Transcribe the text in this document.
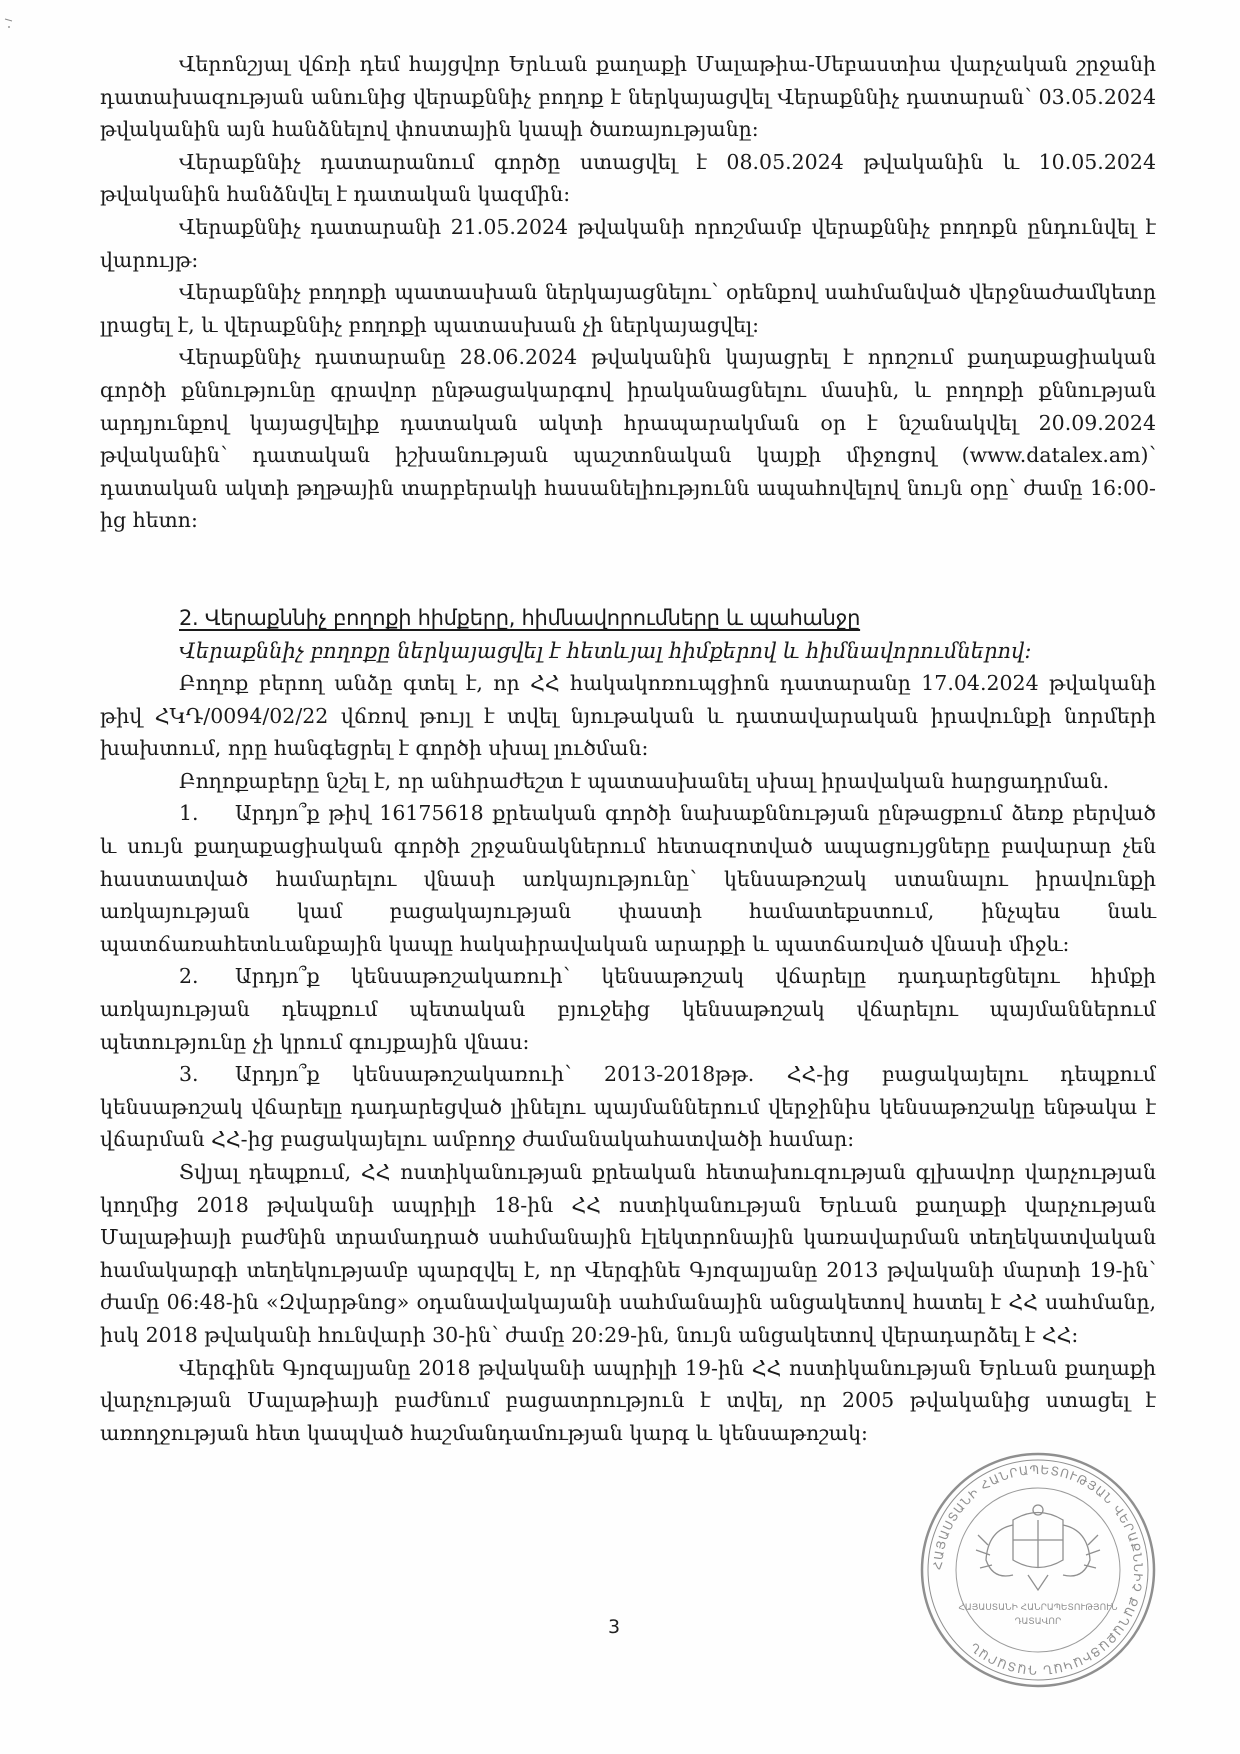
Վերոնշյալ վճռի դեմ հայցվոր Երևան քաղաքի Մալաթիա-Սեբաստիա վարչական շրջանի դատախազության անունից վերաքննիչ բողոք է ներկայացվել Վերաքննիչ դատարան՝ 03.05.2024 թվականին այն հանձնելով փոստային կապի ծառայությանը:

Վերաքննիչ դատարանում գործը ստացվել է 08.05.2024 թվականին և 10.05.2024 թվականին հանձնվել է դատական կազմին:

Վերաքննիչ դատարանի 21.05.2024 թվականի որոշմամբ վերաքննիչ բողոքն ընդունվել է վարույթ:

Վերաքննիչ բողոքի պատասխան ներկայացնելու՝ օրենքով սահմանված վերջնաժամկետը լրացել է, և վերաքննիչ բողոքի պատասխան չի ներկայացվել:

Վերաքննիչ դատարանը 28.06.2024 թվականին կայացրել է որոշում քաղաքացիական գործի քննությունը գրավոր ընթացակարգով իրականացնելու մասին, և բողոքի քննության արդյունքով կայացվելիք դատական ակտի հրապարակման օր է նշանակվել 20.09.2024 թվականին՝ դատական իշխանության պաշտոնական կայքի միջոցով (www.datalex.am)՝ դատական ակտի թղթային տարբերակի հասանելիությունն ապահովելով նույն օրը՝ ժամը 16:00-ից հետո:

2. Վերաքննիչ բողոքի հիմքերը, հիմնավորումները և պահանջը

Վերաքննիչ բողոքը ներկայացվել է հետևյալ հիմքերով և հիմնավորումներով:

Բողոք բերող անձը գտել է, որ ՀՀ հակակոռուպցիոն դատարանը 17.04.2024 թվականի թիվ ՀԿԴ/0094/02/22 վճռով թույլ է տվել նյութական և դատավարական իրավունքի նորմերի խախտում, որը հանգեցրել է գործի սխալ լուծման:

Բողոքաբերը նշել է, որ անհրաժեշտ է պատասխանել սխալ իրավական հարցադրման.

1. Արդյո՞ք թիվ 16175618 քրեական գործի նախաքննության ընթացքում ձեռք բերված և սույն քաղաքացիական գործի շրջանակներում հետազոտված ապացույցները բավարար չեն հաստատված համարելու վնասի առկայությունը՝ կենսաթոշակ ստանալու իրավունքի առկայության կամ բացակայության փաստի համատեքստում, ինչպես նաև պատճառահետևանքային կապը հակաիրավական արարքի և պատճառված վնասի միջև:

2. Արդյո՞ք կենսաթոշակառուի՝ կենսաթոշակ վճարելը դադարեցնելու հիմքի առկայության դեպքում պետական բյուջեից կենսաթոշակ վճարելու պայմաններում պետությունը չի կրում գույքային վնաս:

3. Արդյո՞ք կենսաթոշակառուի՝ 2013-2018թթ. ՀՀ-ից բացակայելու դեպքում կենսաթոշակ վճարելը դադարեցված լինելու պայմաններում վերջինիս կենսաթոշակը ենթակա է վճարման ՀՀ-ից բացակայելու ամբողջ ժամանակահատվածի համար:

Տվյալ դեպքում, ՀՀ ոստիկանության քրեական հետախուզության գլխավոր վարչության կողմից 2018 թվականի ապրիլի 18-ին ՀՀ ոստիկանության Երևան քաղաքի վարչության Մալաթիայի բաժնին տրամադրած սահմանային էլեկտրոնային կառավարման տեղեկատվական համակարգի տեղեկությամբ պարզվել է, որ Վերգինե Գյոզալյանը 2013 թվականի մարտի 19-ին՝ ժամը 06:48-ին «Զվարթնոց» օդանավակայանի սահմանային անցակետով հատել է ՀՀ սահմանը, իսկ 2018 թվականի հունվարի 30-ին՝ ժամը 20:29-ին, նույն անցակետով վերադարձել է ՀՀ:

Վերգինե Գյոզալյանը 2018 թվականի ապրիլի 19-ին ՀՀ ոստիկանության Երևան քաղաքի վարչության Մալաթիայի բաժնում բացատրություն է տվել, որ 2005 թվականից ստացել է առողջության հետ կապված հաշմանդամության կարգ և կենսաթոշակ:

ՀԱՅԱՍՏԱՆԻ ՀԱՆՐԱՊԵՏՈՒԹՅԱՆ ՎԵՐԱՔՆՆԻՉ ՔԱՂԱՔԱՑԻԱԿԱՆ ԴԱՏԱՐԱՆ
ՀԱՅԱՍՏԱՆԻ ՀԱՆՐԱՊԵՏՈՒԹՅՈՒՆ
ԴԱՏԱՎՈՐ
3
